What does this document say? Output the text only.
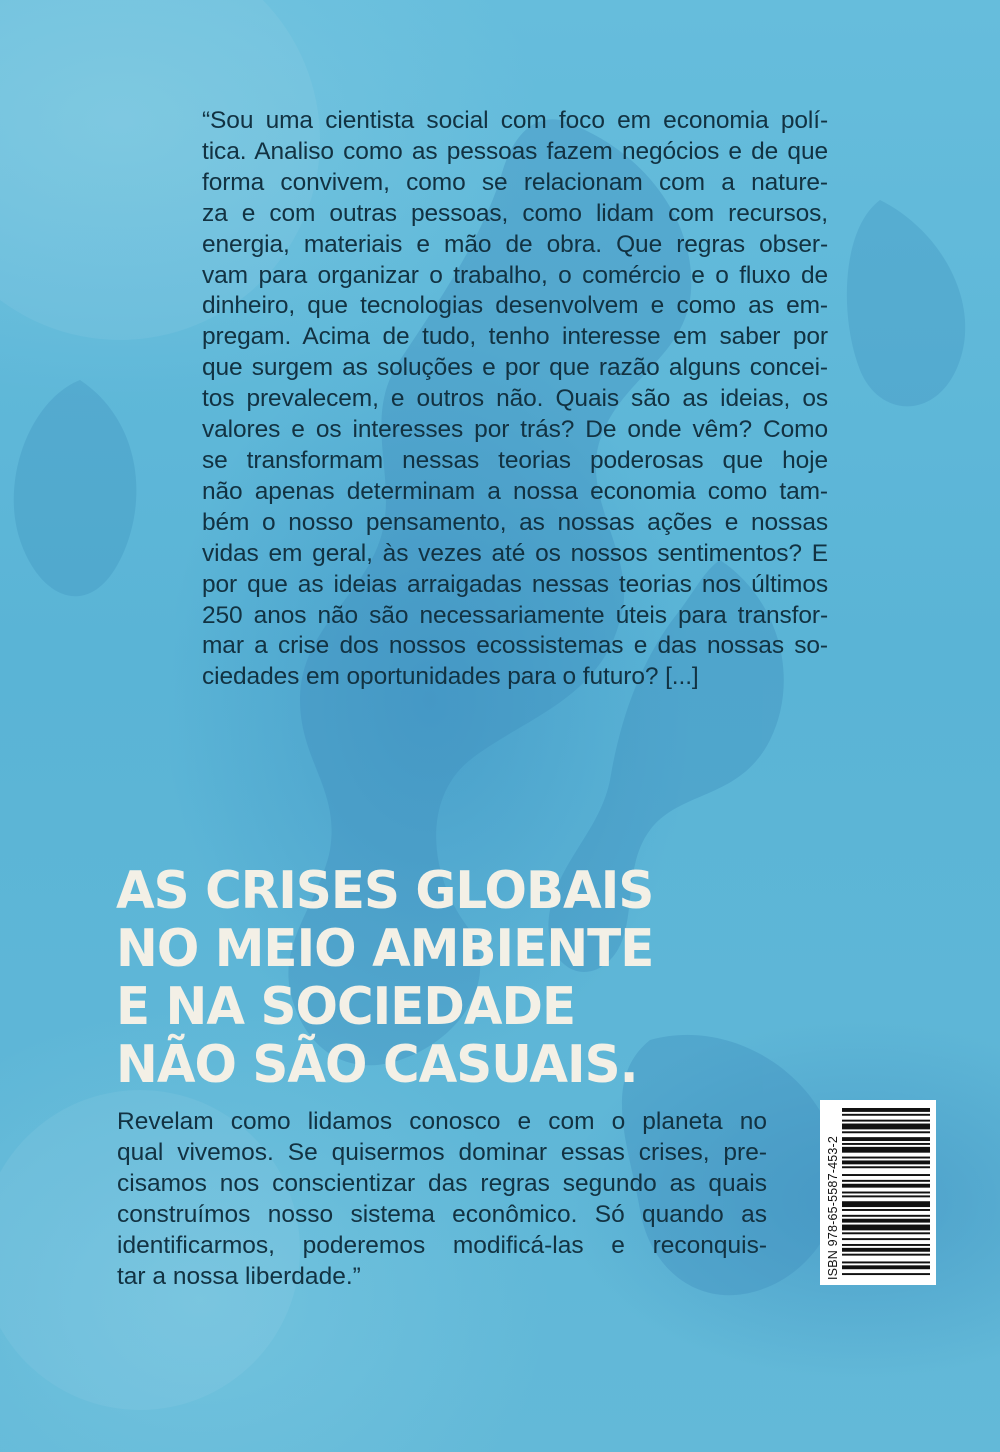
“Sou uma cientista social com foco em economia polí-
tica. Analiso como as pessoas fazem negócios e de que
forma convivem, como se relacionam com a nature-
za e com outras pessoas, como lidam com recursos,
energia, materiais e mão de obra. Que regras obser-
vam para organizar o trabalho, o comércio e o fluxo de
dinheiro, que tecnologias desenvolvem e como as em-
pregam. Acima de tudo, tenho interesse em saber por
que surgem as soluções e por que razão alguns concei-
tos prevalecem, e outros não. Quais são as ideias, os
valores e os interesses por trás? De onde vêm? Como
se transformam nessas teorias poderosas que hoje
não apenas determinam a nossa economia como tam-
bém o nosso pensamento, as nossas ações e nossas
vidas em geral, às vezes até os nossos sentimentos? E
por que as ideias arraigadas nessas teorias nos últimos
250 anos não são necessariamente úteis para transfor-
mar a crise dos nossos ecossistemas e das nossas so-
ciedades em oportunidades para o futuro? [...]
AS CRISES GLOBAIS
NO MEIO AMBIENTE
E NA SOCIEDADE
NÃO SÃO CASUAIS.
Revelam como lidamos conosco e com o planeta no
qual vivemos. Se quisermos dominar essas crises, pre-
cisamos nos conscientizar das regras segundo as quais
construímos nosso sistema econômico. Só quando as
identificarmos, poderemos modificá-las e reconquis-
tar a nossa liberdade.”	ISBN 978-65-5587-453-2
